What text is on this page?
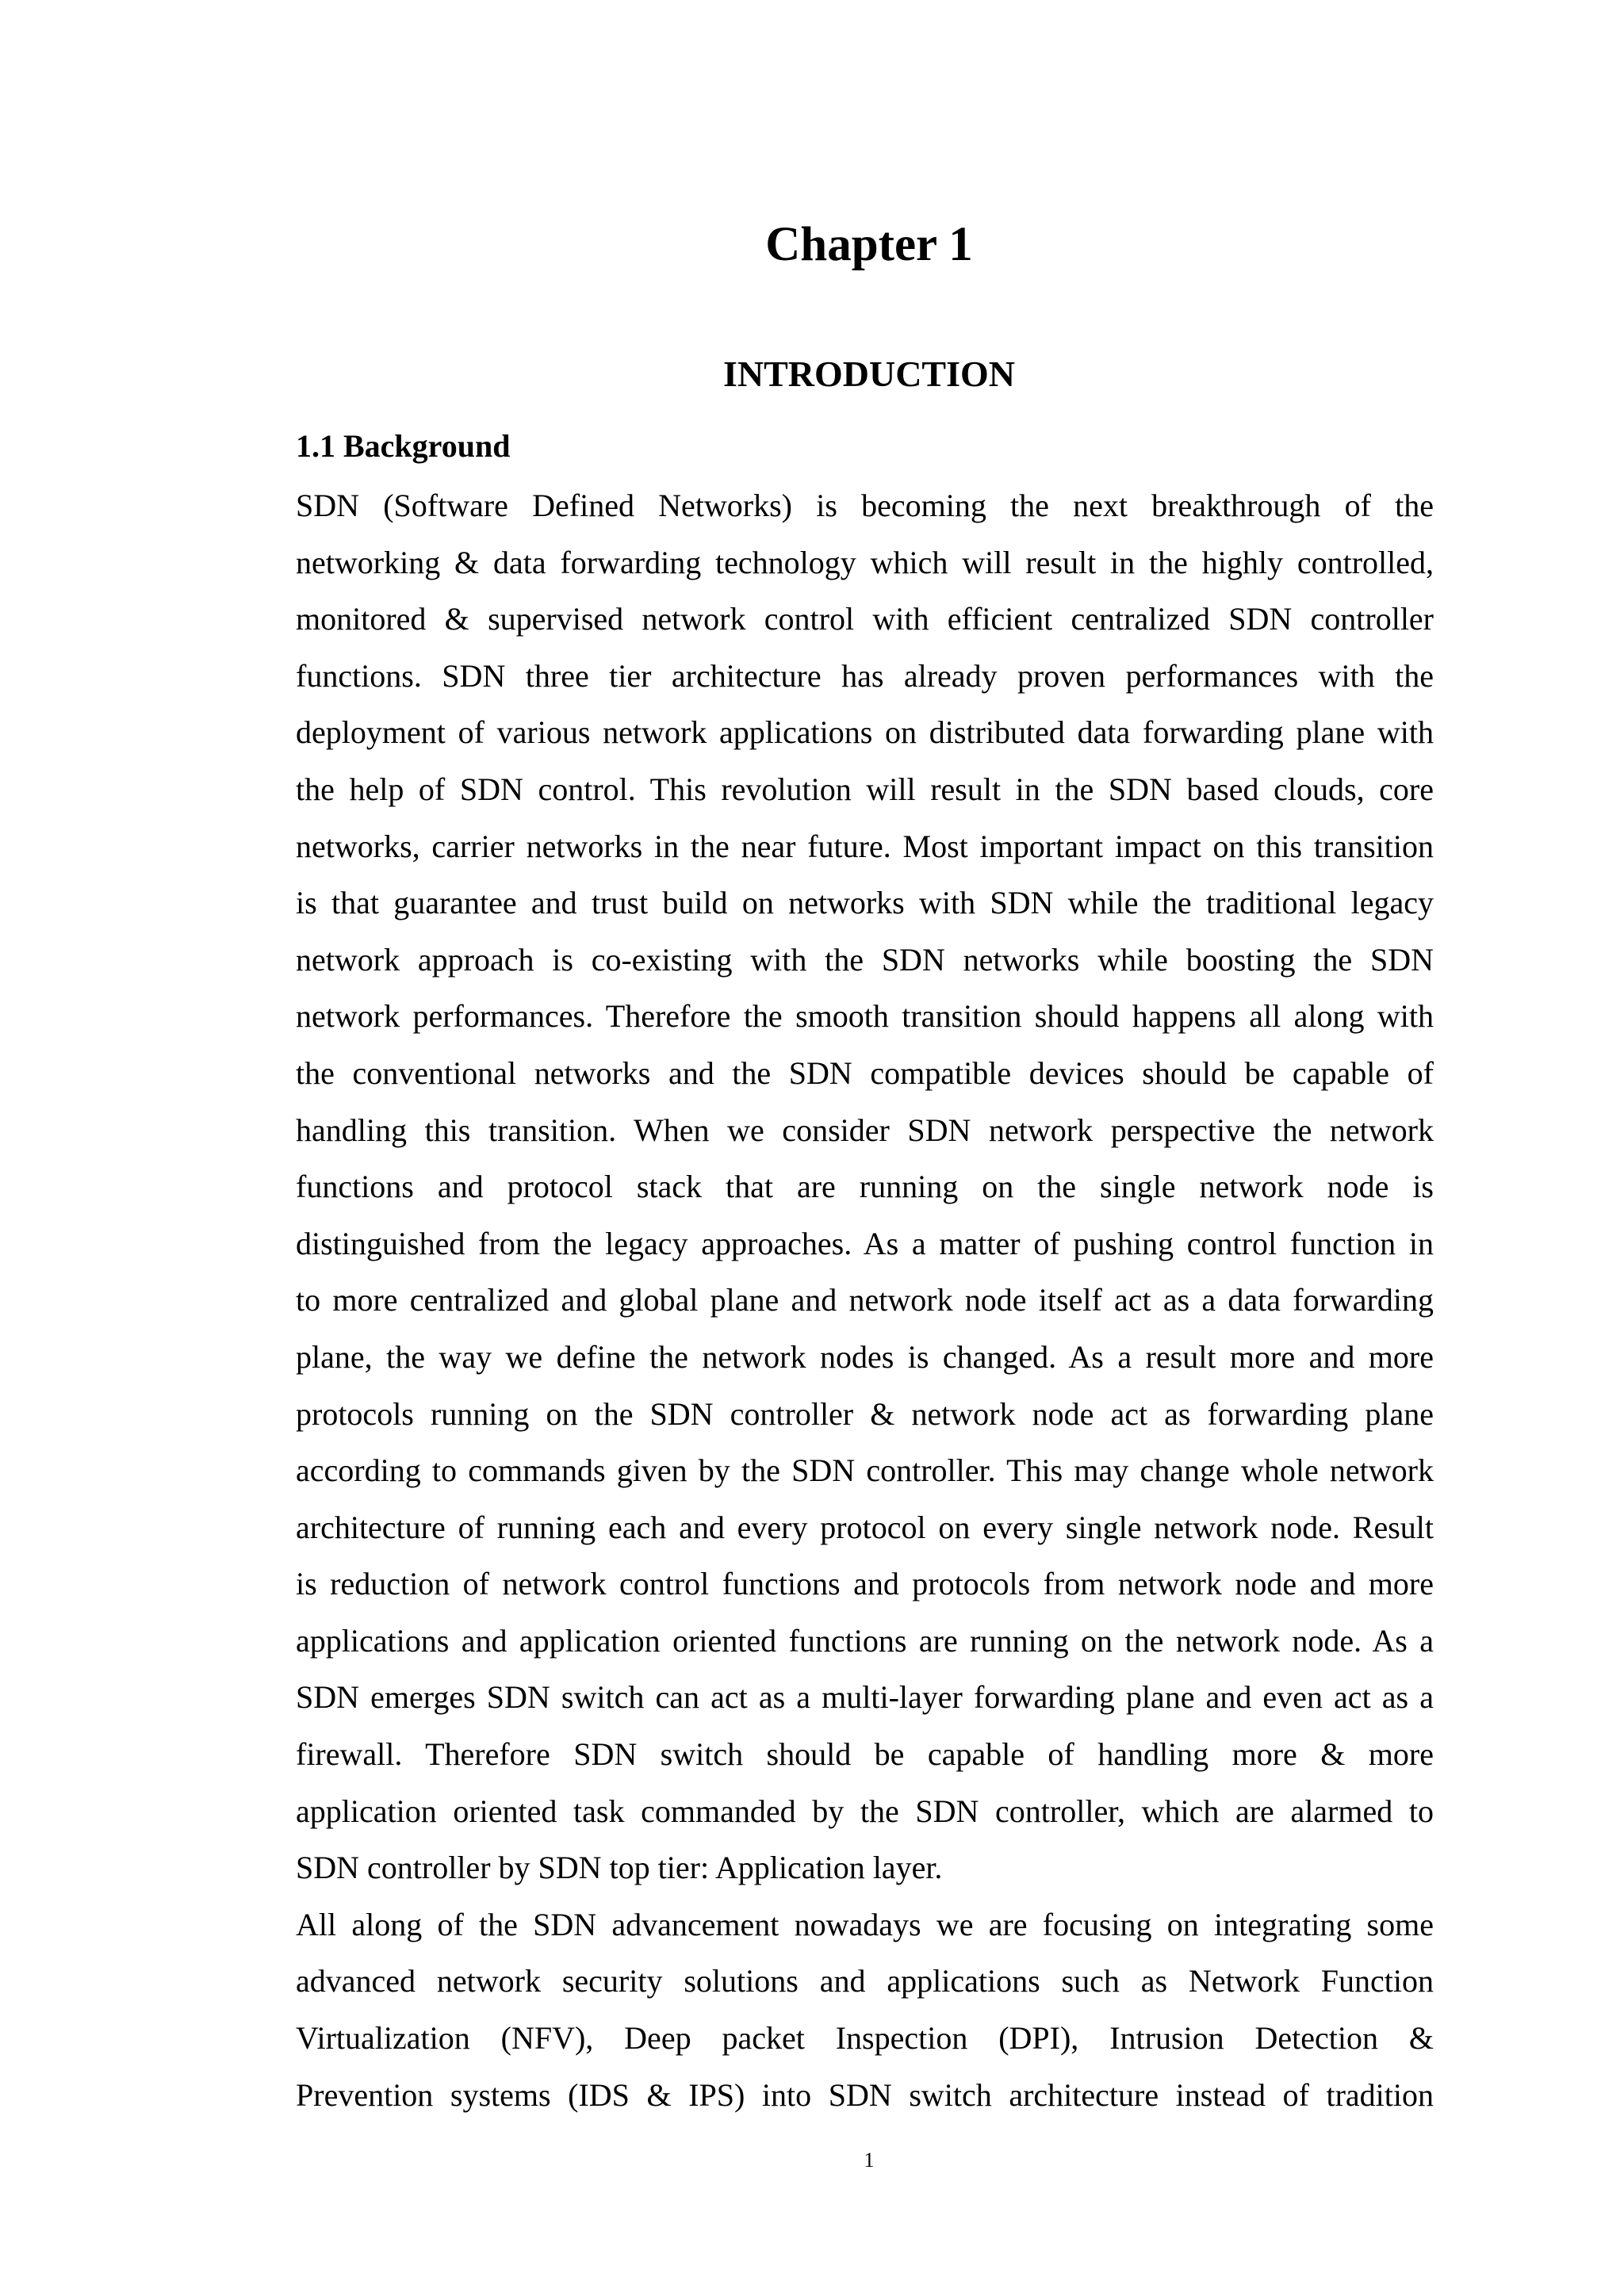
Chapter 1
INTRODUCTION
1.1 Background
SDN (Software Defined Networks) is becoming the next breakthrough of the
networking & data forwarding technology which will result in the highly controlled,
monitored & supervised network control with efficient centralized SDN controller
functions. SDN three tier architecture has already proven performances with the
deployment of various network applications on distributed data forwarding plane with
the help of SDN control. This revolution will result in the SDN based clouds, core
networks, carrier networks in the near future. Most important impact on this transition
is that guarantee and trust build on networks with SDN while the traditional legacy
network approach is co-existing with the SDN networks while boosting the SDN
network performances. Therefore the smooth transition should happens all along with
the conventional networks and the SDN compatible devices should be capable of
handling this transition. When we consider SDN network perspective the network
functions and protocol stack that are running on the single network node is
distinguished from the legacy approaches. As a matter of pushing control function in
to more centralized and global plane and network node itself act as a data forwarding
plane, the way we define the network nodes is changed. As a result more and more
protocols running on the SDN controller & network node act as forwarding plane
according to commands given by the SDN controller. This may change whole network
architecture of running each and every protocol on every single network node. Result
is reduction of network control functions and protocols from network node and more
applications and application oriented functions are running on the network node. As a
SDN emerges SDN switch can act as a multi-layer forwarding plane and even act as a
firewall. Therefore SDN switch should be capable of handling more & more
application oriented task commanded by the SDN controller, which are alarmed to
SDN controller by SDN top tier: Application layer.
All along of the SDN advancement nowadays we are focusing on integrating some
advanced network security solutions and applications such as Network Function
Virtualization (NFV), Deep packet Inspection (DPI), Intrusion Detection &
Prevention systems (IDS & IPS) into SDN switch architecture instead of tradition
1
